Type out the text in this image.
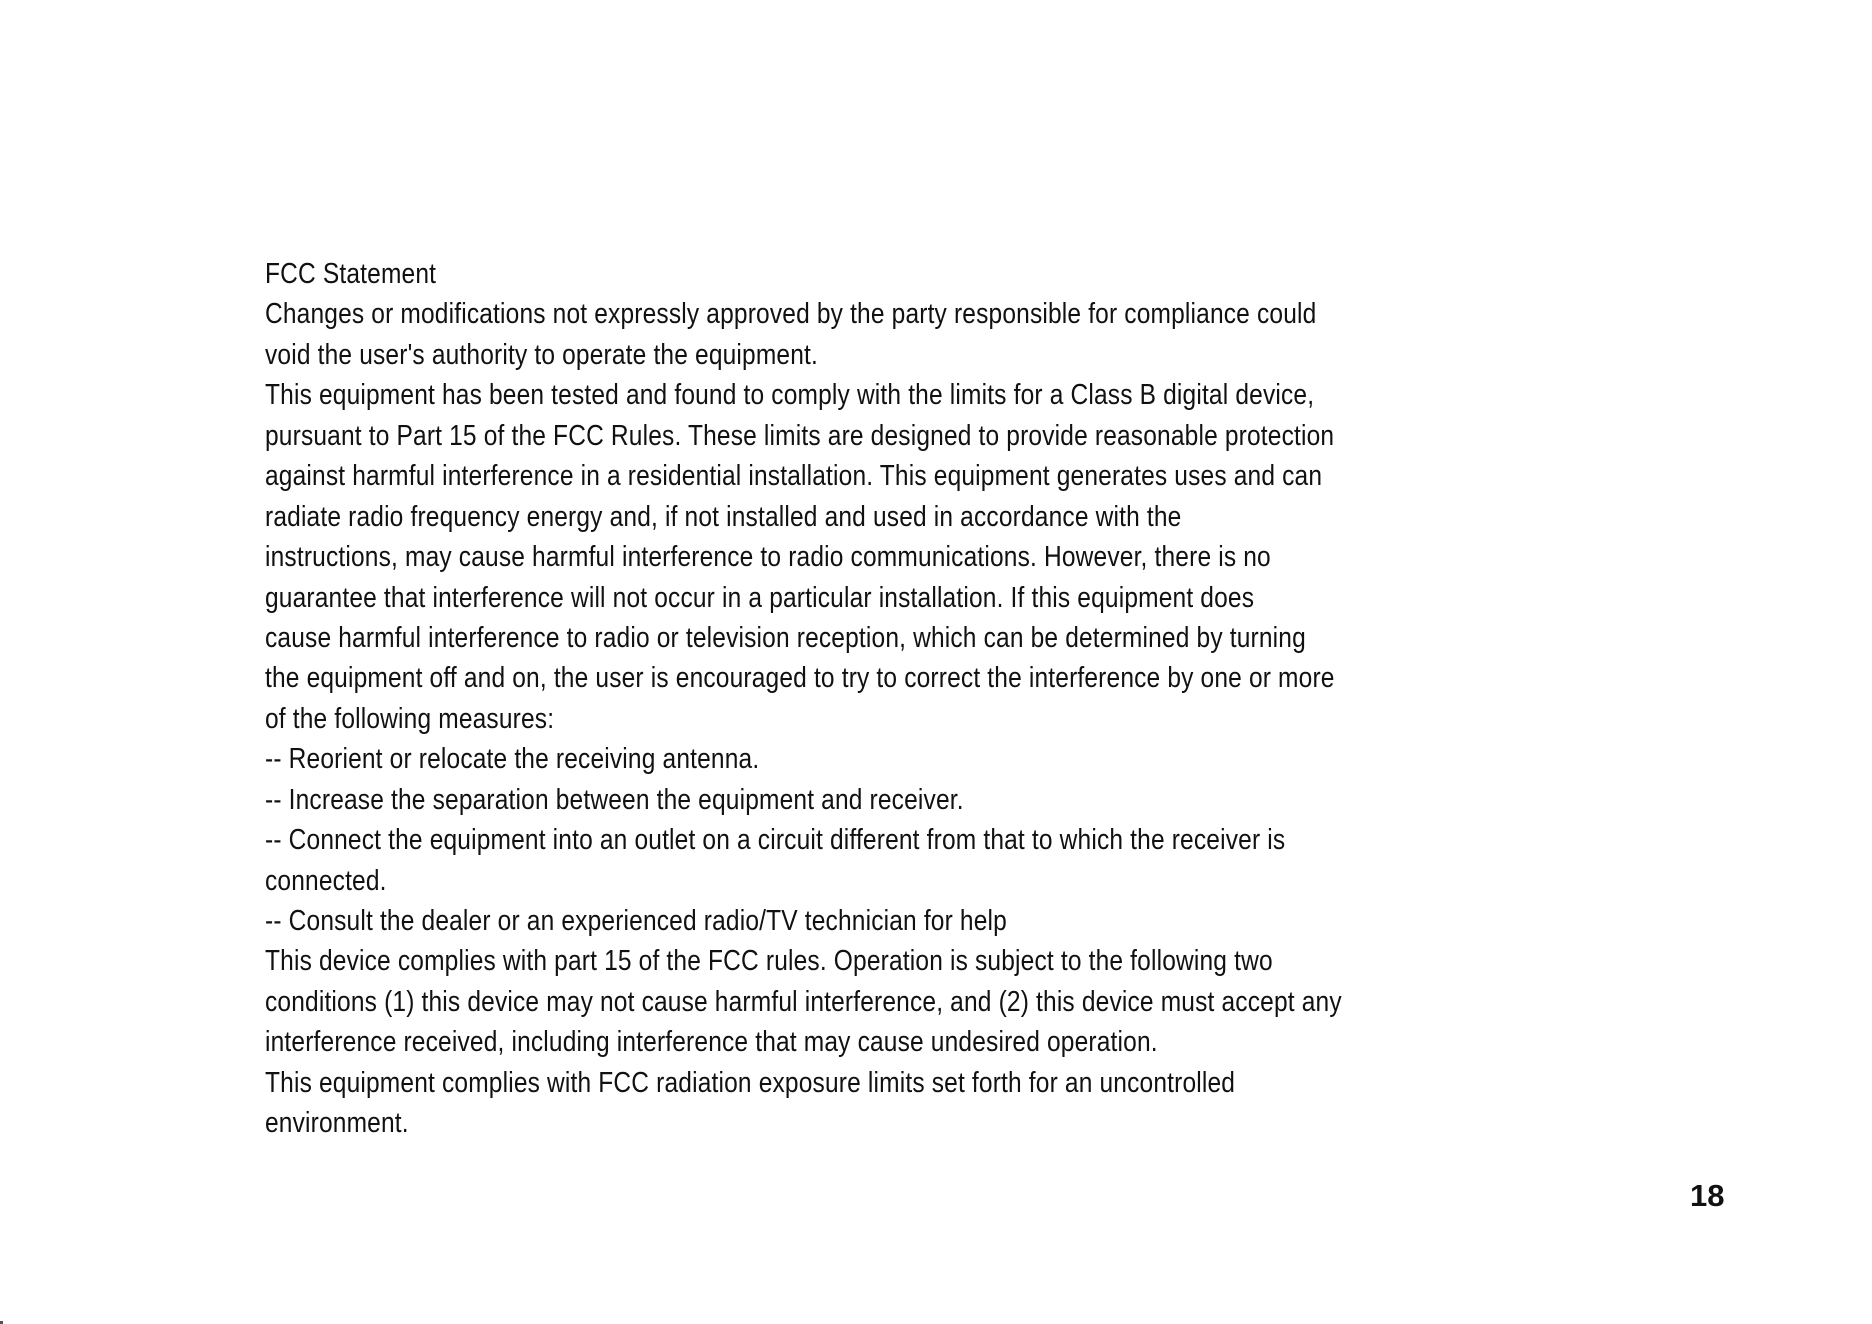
FCC Statement
Changes or modifications not expressly approved by the party responsible for compliance could
void the user's authority to operate the equipment.
This equipment has been tested and found to comply with the limits for a Class B digital device,
pursuant to Part 15 of the FCC Rules. These limits are designed to provide reasonable protection
against harmful interference in a residential installation. This equipment generates uses and can
radiate radio frequency energy and, if not installed and used in accordance with the
instructions, may cause harmful interference to radio communications. However, there is no
guarantee that interference will not occur in a particular installation. If this equipment does
cause harmful interference to radio or television reception, which can be determined by turning
the equipment off and on, the user is encouraged to try to correct the interference by one or more
of the following measures:
-- Reorient or relocate the receiving antenna.
-- Increase the separation between the equipment and receiver.
-- Connect the equipment into an outlet on a circuit different from that to which the receiver is
connected.
-- Consult the dealer or an experienced radio/TV technician for help
This device complies with part 15 of the FCC rules. Operation is subject to the following two
conditions (1) this device may not cause harmful interference, and (2) this device must accept any
interference received, including interference that may cause undesired operation.
This equipment complies with FCC radiation exposure limits set forth for an uncontrolled
environment.
18
